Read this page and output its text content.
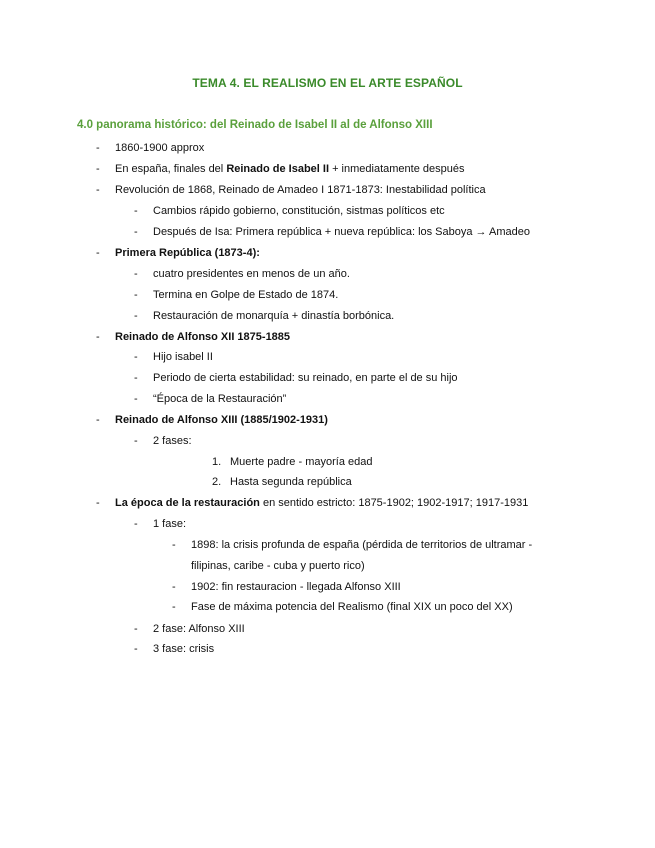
TEMA 4. EL REALISMO EN EL ARTE ESPAÑOL
4.0 panorama histórico: del Reinado de Isabel II al de Alfonso XIII
- 1860-1900 approx
- En españa, finales del Reinado de Isabel II + inmediatamente después
- Revolución de 1868, Reinado de Amadeo I 1871-1873: Inestabilidad política
- Cambios rápido gobierno, constitución, sistmas políticos etc
- Después de Isa: Primera república + nueva república: los Saboya → Amadeo
- Primera República (1873-4):
- cuatro presidentes en menos de un año.
- Termina en Golpe de Estado de 1874.
- Restauración de monarquía + dinastía borbónica.
- Reinado de Alfonso XII 1875-1885
- Hijo isabel II
- Periodo de cierta estabilidad: su reinado, en parte el de su hijo
- “Época de la Restauración”
- Reinado de Alfonso XIII (1885/1902-1931)
- 2 fases:
1. Muerte padre - mayoría edad
2. Hasta segunda república
- La época de la restauración en sentido estricto: 1875-1902; 1902-1917; 1917-1931
- 1 fase:
- 1898: la crisis profunda de españa (pérdida de territorios de ultramar -
filipinas, caribe - cuba y puerto rico)
- 1902: fin restauracion - llegada Alfonso XIII
- Fase de máxima potencia del Realismo (final XIX un poco del XX)
- 2 fase: Alfonso XIII
- 3 fase: crisis
